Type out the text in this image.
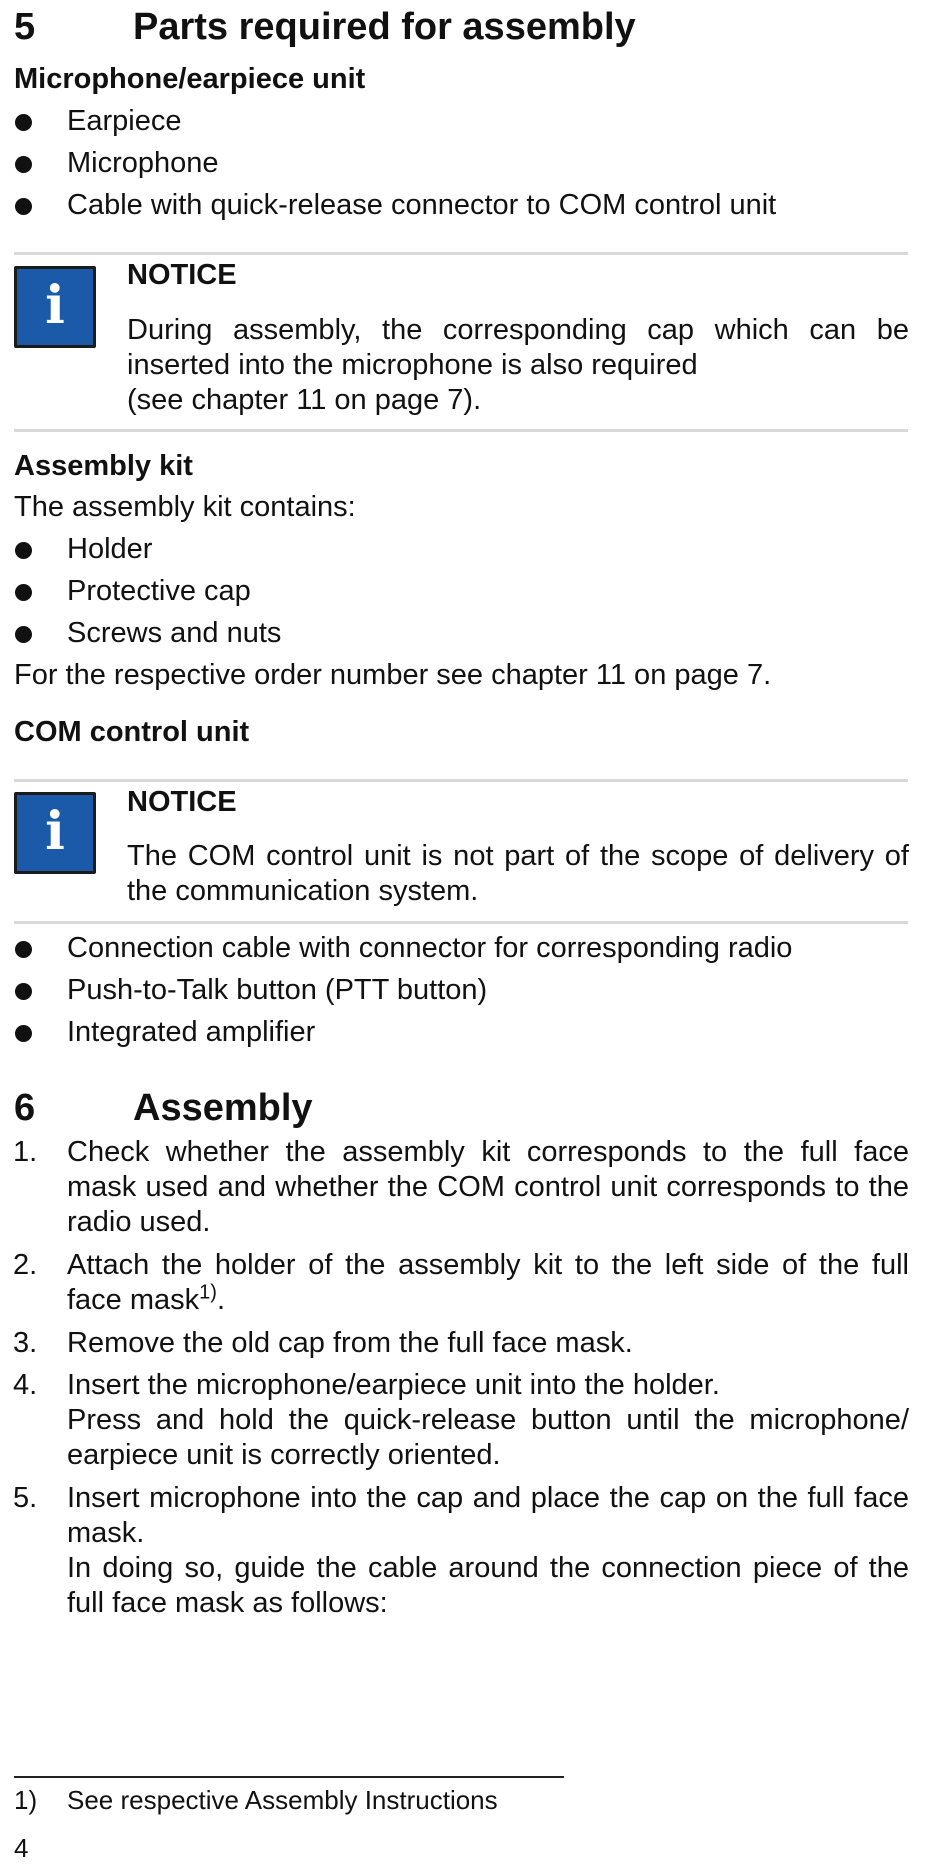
5	Parts required for assembly
Microphone/earpiece unit
Earpiece
Microphone
Cable with quick-release connector to COM control unit
i	NOTICE
During assembly, the corresponding cap which can be inserted into the microphone is also required
(see chapter 11 on page 7).
Assembly kit
The assembly kit contains:
Holder
Protective cap
Screws and nuts
For the respective order number see chapter 11 on page 7.
COM control unit
i	NOTICE
The COM control unit is not part of the scope of delivery of the communication system.
Connection cable with connector for corresponding radio
Push-to-Talk button (PTT button)
Integrated amplifier
6	Assembly
1. Check whether the assembly kit corresponds to the full face mask used and whether the COM control unit corresponds to the radio used.
2. Attach the holder of the assembly kit to the left side of the full face mask$^{1)}$.
3. Remove the old cap from the full face mask.
4. Insert the microphone/earpiece unit into the holder.
Press and hold the quick-release button until the microphone/ earpiece unit is correctly oriented.
5. Insert microphone into the cap and place the cap on the full face mask.
In doing so, guide the cable around the connection piece of the full face mask as follows:
1) See respective Assembly Instructions
4
